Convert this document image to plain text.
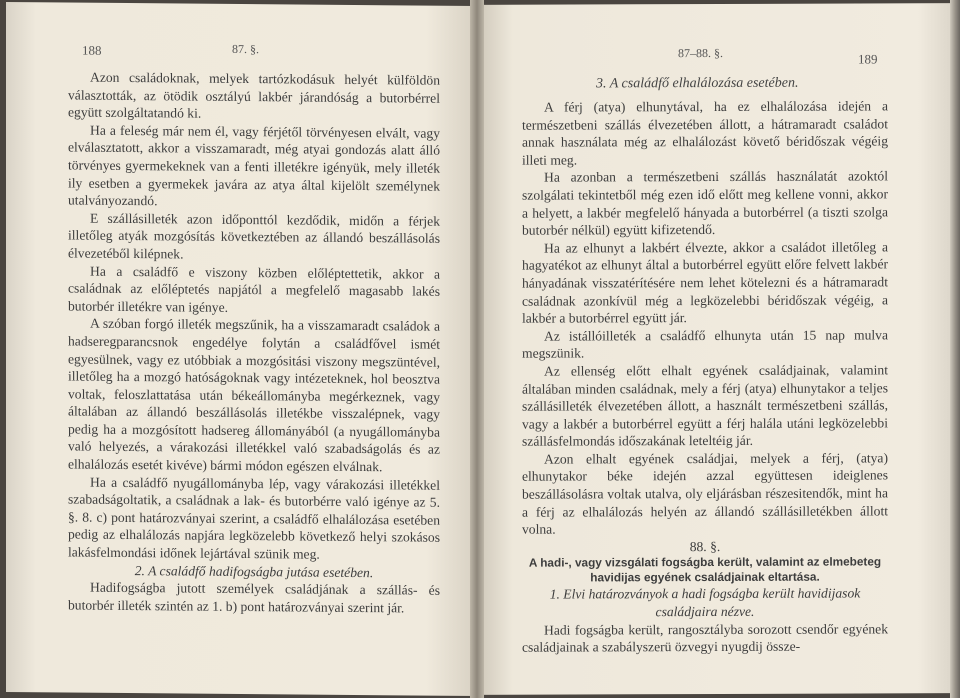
188	87. §.

Azon családoknak, melyek tartózkodásuk helyét külföldön választották, az ötödik osztályú lakbér járandóság a butorbérrel együtt szolgáltatandó ki.

Ha a feleség már nem él, vagy férjétől törvényesen elvált, vagy elválasztatott, akkor a visszamaradt, még atyai gondozás alatt álló törvényes gyermekeknek van a fenti illetékre igényük, mely illeték ily esetben a gyermekek javára az atya által kijelölt személynek utalványozandó.

E szállásilleték azon időponttól kezdődik, midőn a férjek illetőleg atyák mozgósítás következtében az állandó beszállásolás élvezetéből kilépnek.

Ha a családfő e viszony közben előléptettetik, akkor a családnak az előléptetés napjától a megfelelő magasabb lakés butorbér illetékre van igénye.

A szóban forgó illeték megszűnik, ha a visszamaradt családok a hadseregparancsnok engedélye folytán a családfővel ismét egyesülnek, vagy ez utóbbiak a mozgósitási viszony megszüntével, illetőleg ha a mozgó hatóságoknak vagy intézeteknek, hol beosztva voltak, feloszlattatása után békeállományba megérkeznek, vagy általában az állandó beszállásolás illetékbe visszalépnek, vagy pedig ha a mozgósított hadsereg állományából (a nyugállományba való helyezés, a várakozási illetékkel való szabadságolás és az elhalálozás esetét kivéve) bármi módon egészen elválnak.

Ha a családfő nyugállományba lép, vagy várakozási illetékkel szabadságoltatik, a családnak a lak- és butorbérre való igénye az 5. §. 8. c) pont határozványai szerint, a családfő elhalálozása esetében pedig az elhalálozás napjára legközelebb következő helyi szokásos lakásfelmondási időnek lejártával szünik meg.

2. A családfő hadifogságba jutása esetében.

Hadifogságba jutott személyek családjának a szállás- és butorbér illeték szintén az 1. b) pont határozványai szerint jár.

87–88. §.	189
3. A családfő elhalálozása esetében.

A férj (atya) elhunytával, ha ez elhalálozása idején a természetbeni szállás élvezetében állott, a hátramaradt családot annak használata még az elhalálozást követő béridőszak végéig illeti meg.

Ha azonban a természetbeni szállás használatát azoktól szolgálati tekintetből még ezen idő előtt meg kellene vonni, akkor a helyett, a lakbér megfelelő hányada a butorbérrel (a tiszti szolga butorbér nélkül) együtt kifizetendő.

Ha az elhunyt a lakbért élvezte, akkor a családot illetőleg a hagyatékot az elhunyt által a butorbérrel együtt előre felvett lakbér hányadának visszatérítésére nem lehet kötelezni és a hátramaradt családnak azonkívül még a legközelebbi béridőszak végéig, a lakbér a butorbérrel együtt jár.

Az istállóilleték a családfő elhunyta után 15 nap mulva megszünik.

Az ellenség előtt elhalt egyének családjainak, valamint általában minden családnak, mely a férj (atya) elhunytakor a teljes szállásilleték élvezetében állott, a használt természetbeni szállás, vagy a lakbér a butorbérrel együtt a férj halála utáni legközelebbi szállásfelmondás időszakának leteltéig jár.

Azon elhalt egyének családjai, melyek a férj, (atya) elhunytakor béke idején azzal együttesen ideiglenes beszállásolásra voltak utalva, oly eljárásban részesitendők, mint ha a férj az elhalálozás helyén az állandó szállásilletékben állott volna.

88. §.

A hadi-, vagy vizsgálati fogságba került, valamint az elmebeteg havidijas egyének családjainak eltartása.

1. Elvi határozványok a hadi fogságba került havidijasok családjaira nézve.

Hadi fogságba került, rangosztályba sorozott csendőr egyének családjainak a szabályszerü özvegyi nyugdij össze-
